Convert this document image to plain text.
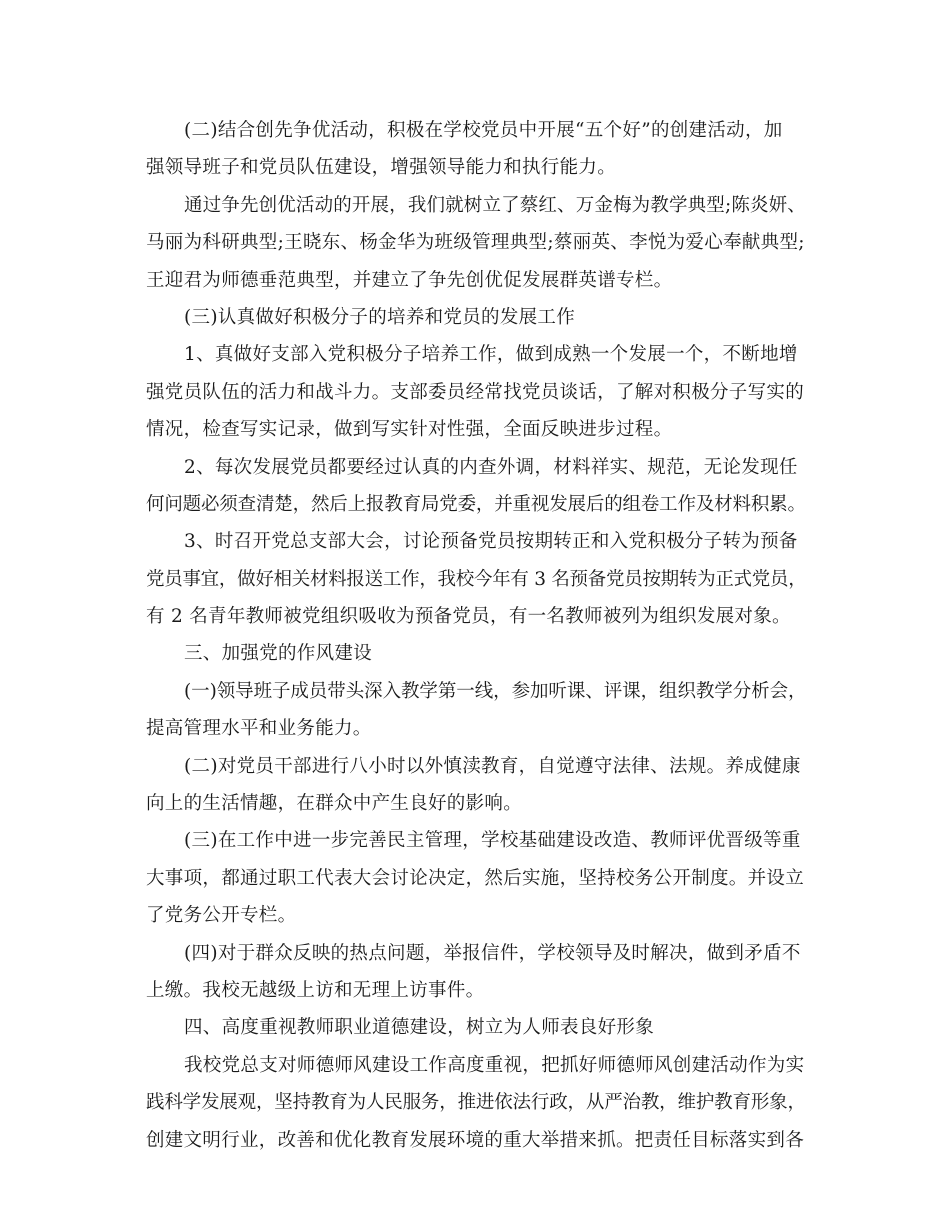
(二)结合创先争优活动，积极在学校党员中开展“五个好”的创建活动，加
强领导班子和党员队伍建设，增强领导能力和执行能力。
通过争先创优活动的开展，我们就树立了蔡红、万金梅为教学典型;陈炎妍、
马丽为科研典型;王晓东、杨金华为班级管理典型;蔡丽英、李悦为爱心奉献典型;
王迎君为师德垂范典型，并建立了争先创优促发展群英谱专栏。
(三)认真做好积极分子的培养和党员的发展工作
1、真做好支部入党积极分子培养工作，做到成熟一个发展一个，不断地增
强党员队伍的活力和战斗力。支部委员经常找党员谈话，了解对积极分子写实的
情况，检查写实记录，做到写实针对性强，全面反映进步过程。
2、每次发展党员都要经过认真的内查外调，材料祥实、规范，无论发现任
何问题必须查清楚，然后上报教育局党委，并重视发展后的组卷工作及材料积累。
3、时召开党总支部大会，讨论预备党员按期转正和入党积极分子转为预备
党员事宜，做好相关材料报送工作，我校今年有 3 名预备党员按期转为正式党员，
有 2 名青年教师被党组织吸收为预备党员，有一名教师被列为组织发展对象。
三、加强党的作风建设
(一)领导班子成员带头深入教学第一线，参加听课、评课，组织教学分析会，
提高管理水平和业务能力。
(二)对党员干部进行八小时以外慎渎教育，自觉遵守法律、法规。养成健康
向上的生活情趣，在群众中产生良好的影响。
(三)在工作中进一步完善民主管理，学校基础建设改造、教师评优晋级等重
大事项，都通过职工代表大会讨论决定，然后实施，坚持校务公开制度。并设立
了党务公开专栏。
(四)对于群众反映的热点问题，举报信件，学校领导及时解决，做到矛盾不
上缴。我校无越级上访和无理上访事件。
四、高度重视教师职业道德建设，树立为人师表良好形象
我校党总支对师德师风建设工作高度重视，把抓好师德师风创建活动作为实
践科学发展观，坚持教育为人民服务，推进依法行政，从严治教，维护教育形象，
创建文明行业，改善和优化教育发展环境的重大举措来抓。把责任目标落实到各
